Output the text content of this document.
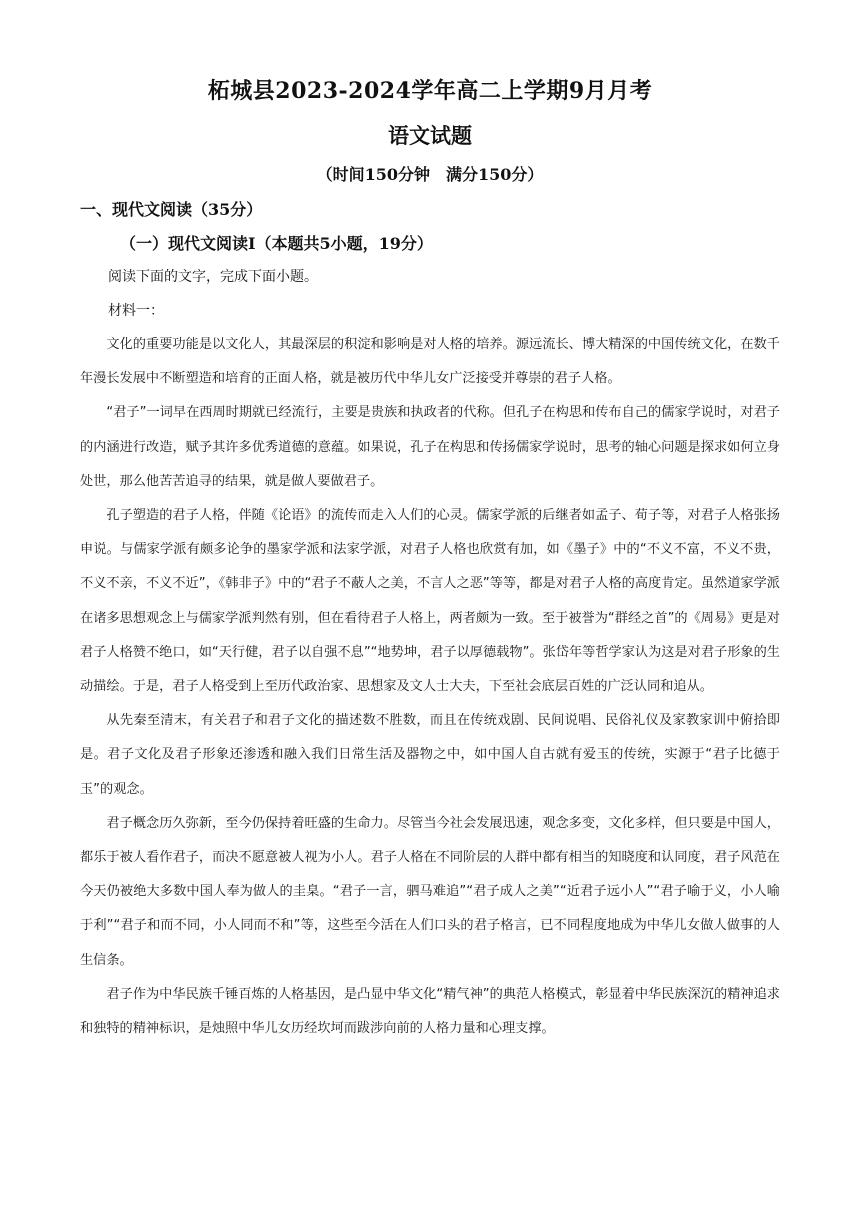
柘城县2023-2024学年高二上学期9月月考
语文试题
（时间150分钟　满分150分）
一、现代文阅读（35分）
（一）现代文阅读Ⅰ（本题共5小题，19分）
阅读下面的文字，完成下面小题。
材料一：

文化的重要功能是以文化人，其最深层的积淀和影响是对人格的培养。源远流长、博大精深的中国传统文化，在数千年漫长发展中不断塑造和培育的正面人格，就是被历代中华儿女广泛接受并尊崇的君子人格。

“君子”一词早在西周时期就已经流行，主要是贵族和执政者的代称。但孔子在构思和传布自己的儒家学说时，对君子的内涵进行改造，赋予其许多优秀道德的意蕴。如果说，孔子在构思和传扬儒家学说时，思考的轴心问题是探求如何立身处世，那么他苦苦追寻的结果，就是做人要做君子。

孔子塑造的君子人格，伴随《论语》的流传而走入人们的心灵。儒家学派的后继者如孟子、荀子等，对君子人格张扬申说。与儒家学派有颇多论争的墨家学派和法家学派，对君子人格也欣赏有加，如《墨子》中的“不义不富，不义不贵，不义不亲，不义不近”，《韩非子》中的“君子不蔽人之美，不言人之恶”等等，都是对君子人格的高度肯定。虽然道家学派在诸多思想观念上与儒家学派判然有别，但在看待君子人格上，两者颇为一致。至于被誉为“群经之首”的《周易》更是对君子人格赞不绝口，如“天行健，君子以自强不息”“地势坤，君子以厚德载物”。张岱年等哲学家认为这是对君子形象的生动描绘。于是，君子人格受到上至历代政治家、思想家及文人士大夫，下至社会底层百姓的广泛认同和追从。

从先秦至清末，有关君子和君子文化的描述数不胜数，而且在传统戏剧、民间说唱、民俗礼仪及家教家训中俯拾即是。君子文化及君子形象还渗透和融入我们日常生活及器物之中，如中国人自古就有爱玉的传统，实源于“君子比德于玉”的观念。

君子概念历久弥新，至今仍保持着旺盛的生命力。尽管当今社会发展迅速，观念多变，文化多样，但只要是中国人，都乐于被人看作君子，而决不愿意被人视为小人。君子人格在不同阶层的人群中都有相当的知晓度和认同度，君子风范在今天仍被绝大多数中国人奉为做人的圭臬。“君子一言，驷马难追”“君子成人之美”“近君子远小人”“君子喻于义，小人喻于利”“君子和而不同，小人同而不和”等，这些至今活在人们口头的君子格言，已不同程度地成为中华儿女做人做事的人生信条。

君子作为中华民族千锤百炼的人格基因，是凸显中华文化“精气神”的典范人格模式，彰显着中华民族深沉的精神追求和独特的精神标识，是烛照中华儿女历经坎坷而跋涉向前的人格力量和心理支撑。
